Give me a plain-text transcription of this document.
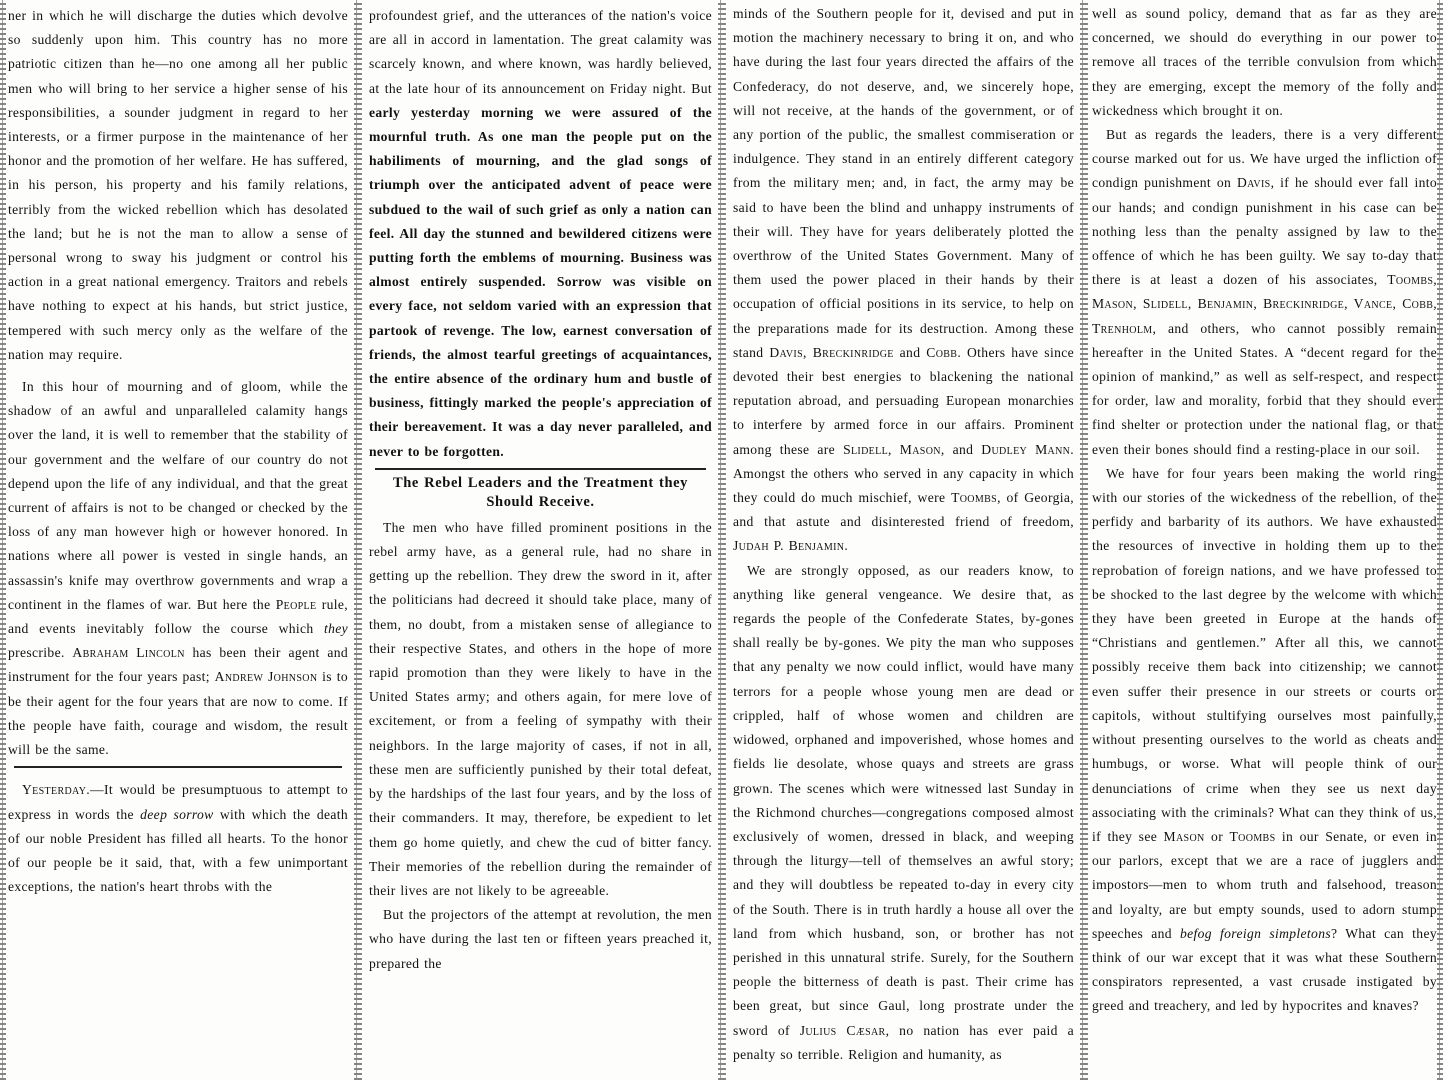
ner in which he will discharge the duties which devolve so suddenly upon him. This country has no more patriotic citizen than he—no one among all her public men who will bring to her service a higher sense of his responsibilities, a sounder judgment in regard to her interests, or a firmer purpose in the maintenance of her honor and the promotion of her welfare. He has suffered, in his person, his property and his family relations, terribly from the wicked rebellion which has desolated the land; but he is not the man to allow a sense of personal wrong to sway his judgment or control his action in a great national emergency. Traitors and rebels have nothing to expect at his hands, but strict justice, tempered with such mercy only as the welfare of the nation may require.

In this hour of mourning and of gloom, while the shadow of an awful and unparalleled calamity hangs over the land, it is well to remember that the stability of our government and the welfare of our country do not depend upon the life of any individual, and that the great current of affairs is not to be changed or checked by the loss of any man however high or however honored. In nations where all power is vested in single hands, an assassin's knife may overthrow governments and wrap a continent in the flames of war. But here the People rule, and events inevitably follow the course which they prescribe. Abraham Lincoln has been their agent and instrument for the four years past; Andrew Johnson is to be their agent for the four years that are now to come. If the people have faith, courage and wisdom, the result will be the same.

Yesterday.—It would be presumptuous to attempt to express in words the deep sorrow with which the death of our noble President has filled all hearts. To the honor of our people be it said, that, with a few unimportant exceptions, the nation's heart throbs with the

profoundest grief, and the utterances of the nation's voice are all in accord in lamentation. The great calamity was scarcely known, and where known, was hardly believed, at the late hour of its announcement on Friday night. But early yesterday morning we were assured of the mournful truth. As one man the people put on the habiliments of mourning, and the glad songs of triumph over the anticipated advent of peace were subdued to the wail of such grief as only a nation can feel. All day the stunned and bewildered citizens were putting forth the emblems of mourning. Business was almost entirely suspended. Sorrow was visible on every face, not seldom varied with an expression that partook of revenge. The low, earnest conversation of friends, the almost tearful greetings of acquaintances, the entire absence of the ordinary hum and bustle of business, fittingly marked the people's appreciation of their bereavement. It was a day never paralleled, and never to be forgotten.

The Rebel Leaders and the Treatment they Should Receive.

The men who have filled prominent positions in the rebel army have, as a general rule, had no share in getting up the rebellion. They drew the sword in it, after the politicians had decreed it should take place, many of them, no doubt, from a mistaken sense of allegiance to their respective States, and others in the hope of more rapid promotion than they were likely to have in the United States army; and others again, for mere love of excitement, or from a feeling of sympathy with their neighbors. In the large majority of cases, if not in all, these men are sufficiently punished by their total defeat, by the hardships of the last four years, and by the loss of their commanders. It may, therefore, be expedient to let them go home quietly, and chew the cud of bitter fancy. Their memories of the rebellion during the remainder of their lives are not likely to be agreeable.

But the projectors of the attempt at revolution, the men who have during the last ten or fifteen years preached it, prepared the

minds of the Southern people for it, devised and put in motion the machinery necessary to bring it on, and who have during the last four years directed the affairs of the Confederacy, do not deserve, and, we sincerely hope, will not receive, at the hands of the government, or of any portion of the public, the smallest commiseration or indulgence. They stand in an entirely different category from the military men; and, in fact, the army may be said to have been the blind and unhappy instruments of their will. They have for years deliberately plotted the overthrow of the United States Government. Many of them used the power placed in their hands by their occupation of official positions in its service, to help on the preparations made for its destruction. Among these stand Davis, Breckinridge and Cobb. Others have since devoted their best energies to blackening the national reputation abroad, and persuading European monarchies to interfere by armed force in our affairs. Prominent among these are Slidell, Mason, and Dudley Mann. Amongst the others who served in any capacity in which they could do much mischief, were Toombs, of Georgia, and that astute and disinterested friend of freedom, Judah P. Benjamin.

We are strongly opposed, as our readers know, to anything like general vengeance. We desire that, as regards the people of the Confederate States, by-gones shall really be by-gones. We pity the man who supposes that any penalty we now could inflict, would have many terrors for a people whose young men are dead or crippled, half of whose women and children are widowed, orphaned and impoverished, whose homes and fields lie desolate, whose quays and streets are grass grown. The scenes which were witnessed last Sunday in the Richmond churches—congregations composed almost exclusively of women, dressed in black, and weeping through the liturgy—tell of themselves an awful story; and they will doubtless be repeated to-day in every city of the South. There is in truth hardly a house all over the land from which husband, son, or brother has not perished in this unnatural strife. Surely, for the Southern people the bitterness of death is past. Their crime has been great, but since Gaul, long prostrate under the sword of Julius Cæsar, no nation has ever paid a penalty so terrible. Religion and humanity, as

well as sound policy, demand that as far as they are concerned, we should do everything in our power to remove all traces of the terrible convulsion from which they are emerging, except the memory of the folly and wickedness which brought it on.

But as regards the leaders, there is a very different course marked out for us. We have urged the infliction of condign punishment on Davis, if he should ever fall into our hands; and condign punishment in his case can be nothing less than the penalty assigned by law to the offence of which he has been guilty. We say to-day that there is at least a dozen of his associates, Toombs, Mason, Slidell, Benjamin, Breckinridge, Vance, Cobb, Trenholm, and others, who cannot possibly remain hereafter in the United States. A “decent regard for the opinion of mankind,” as well as self-respect, and respect for order, law and morality, forbid that they should ever find shelter or protection under the national flag, or that even their bones should find a resting-place in our soil.

We have for four years been making the world ring with our stories of the wickedness of the rebellion, of the perfidy and barbarity of its authors. We have exhausted the resources of invective in holding them up to the reprobation of foreign nations, and we have professed to be shocked to the last degree by the welcome with which they have been greeted in Europe at the hands of “Christians and gentlemen.” After all this, we cannot possibly receive them back into citizenship; we cannot even suffer their presence in our streets or courts or capitols, without stultifying ourselves most painfully, without presenting ourselves to the world as cheats and humbugs, or worse. What will people think of our denunciations of crime when they see us next day associating with the criminals? What can they think of us, if they see Mason or Toombs in our Senate, or even in our parlors, except that we are a race of jugglers and impostors—men to whom truth and falsehood, treason and loyalty, are but empty sounds, used to adorn stump speeches and befog foreign simpletons? What can they think of our war except that it was what these Southern conspirators represented, a vast crusade instigated by greed and treachery, and led by hypocrites and knaves?
